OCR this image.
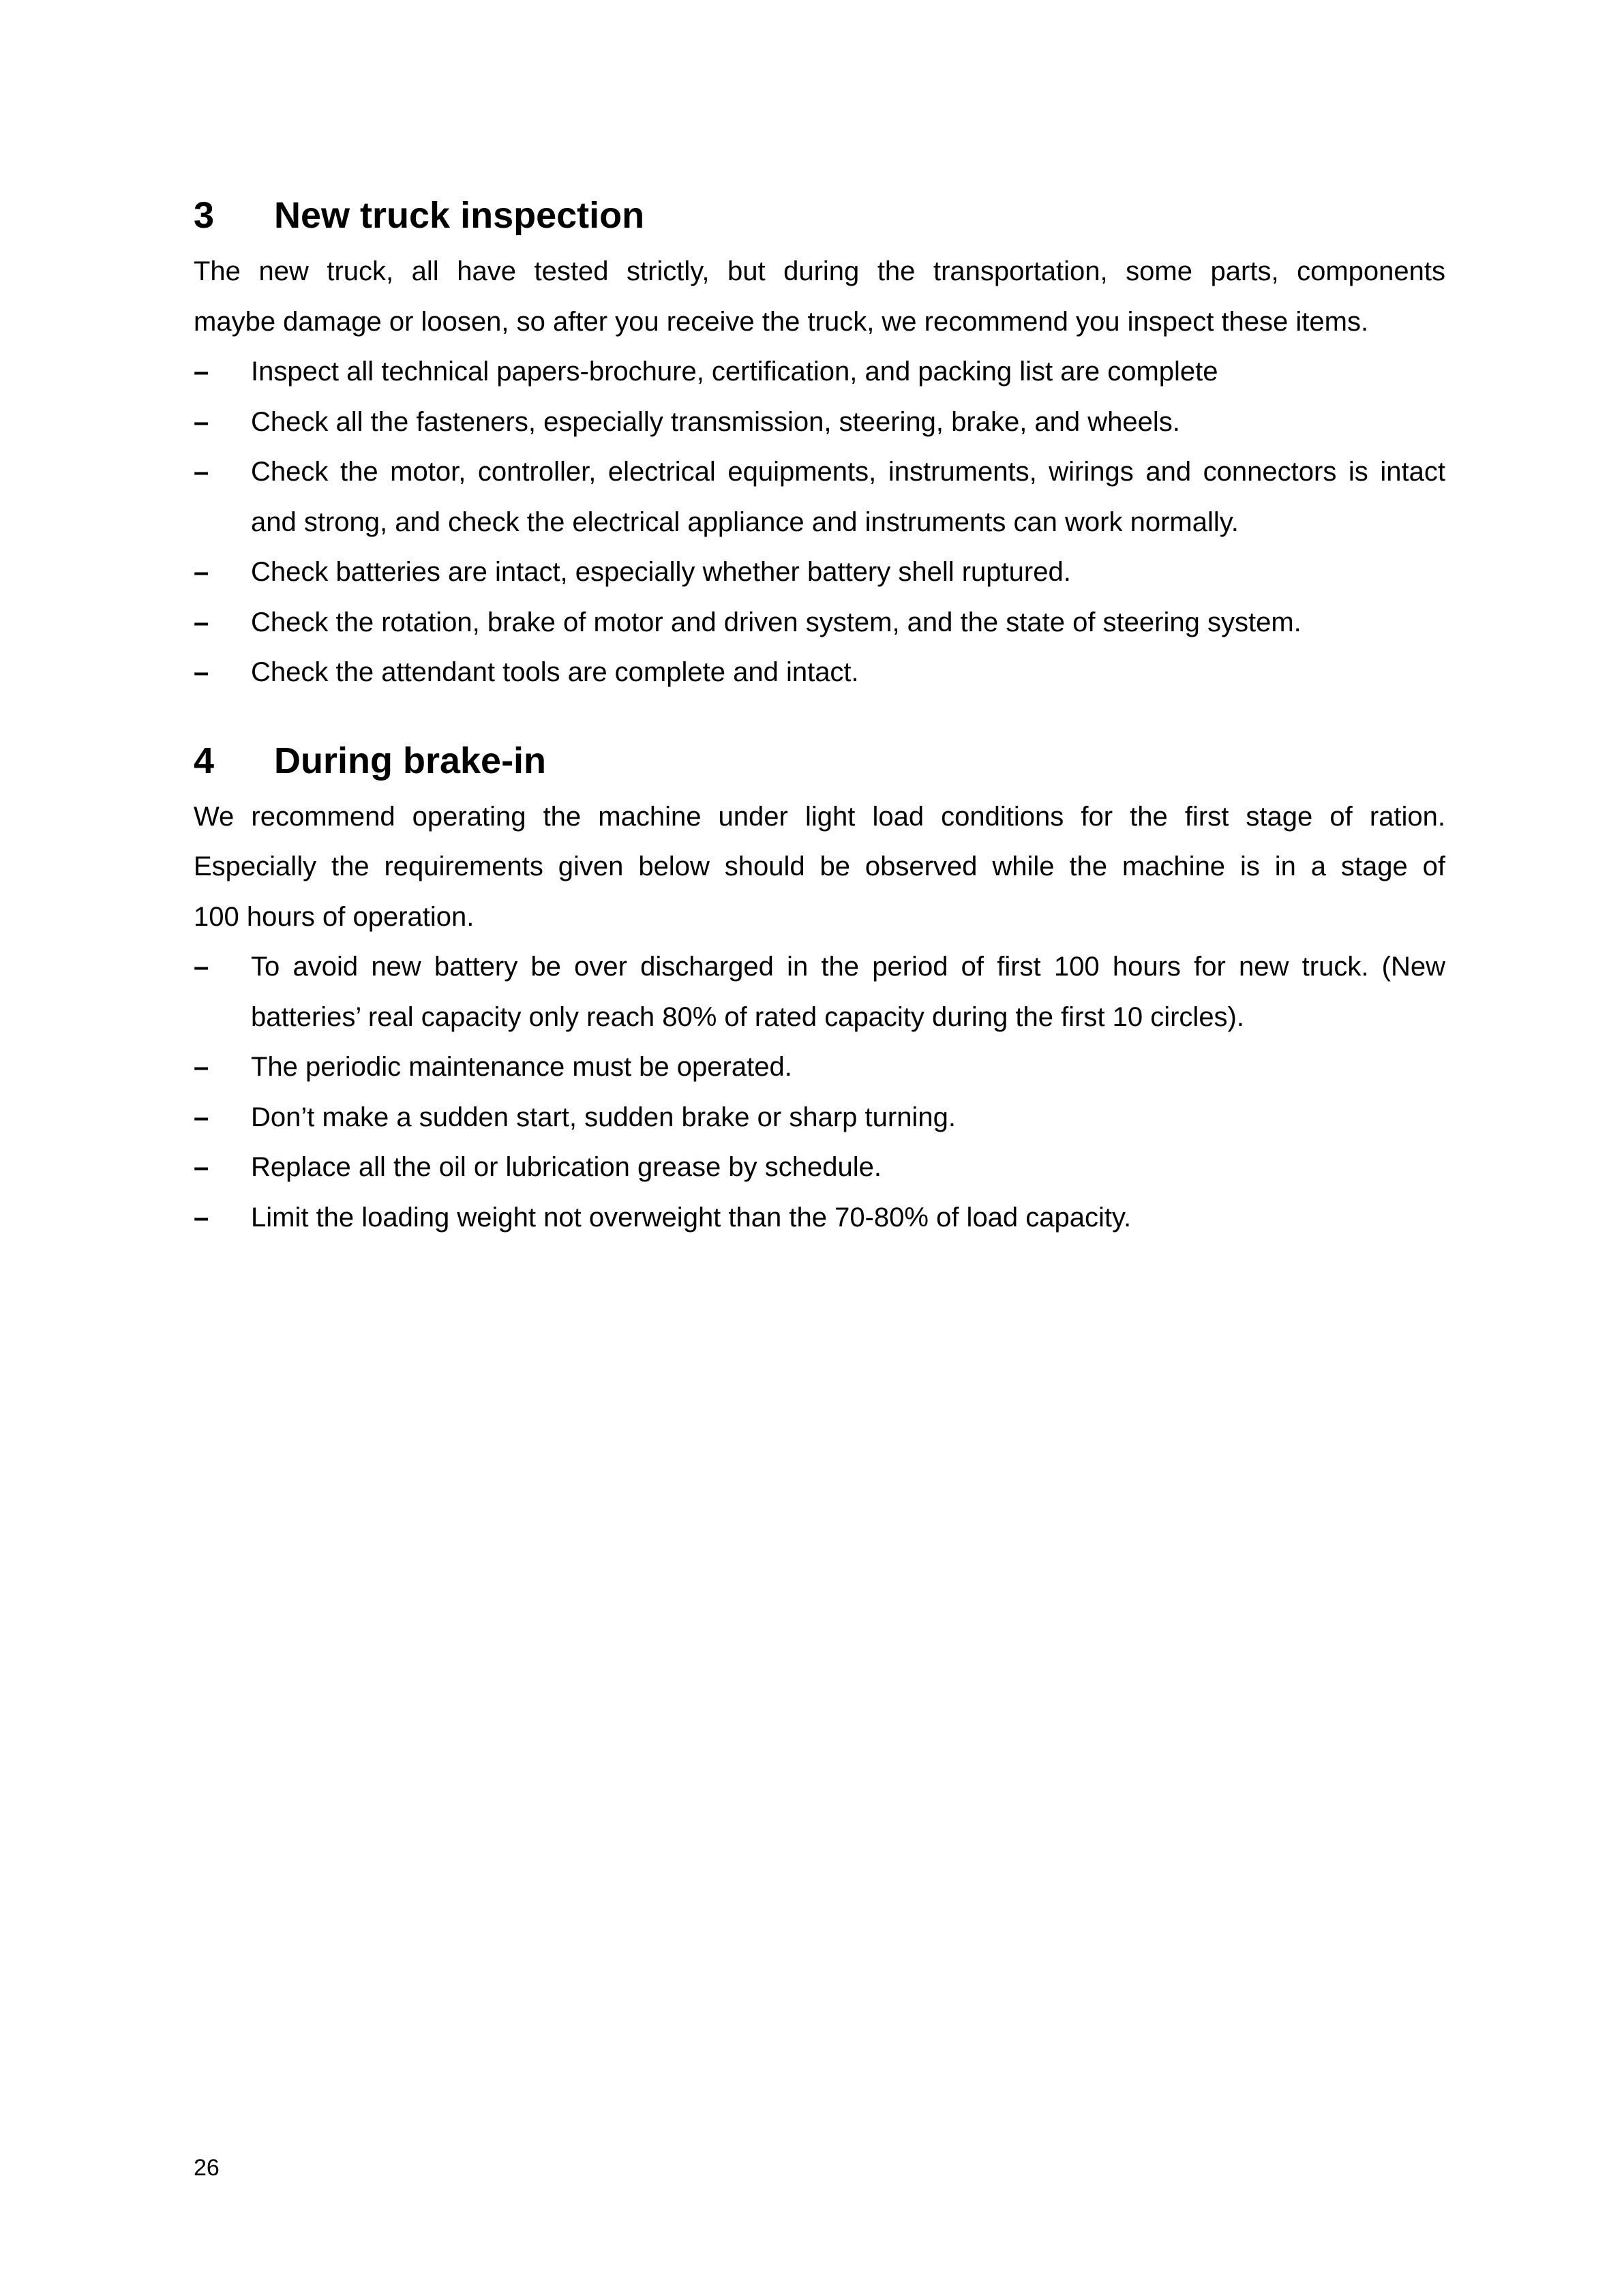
3	New truck inspection

The new truck, all have tested strictly, but during the transportation, some parts, components

maybe damage or loosen, so after you receive the truck, we recommend you inspect these items.

–	Inspect all technical papers-brochure, certification, and packing list are complete
–	Check all the fasteners, especially transmission, steering, brake, and wheels.
–	Check the motor, controller, electrical equipments, instruments, wirings and connectors is intact and strong, and check the electrical appliance and instruments can work normally.
–	Check batteries are intact, especially whether battery shell ruptured.
–	Check the rotation, brake of motor and driven system, and the state of steering system.
–	Check the attendant tools are complete and intact.
4	During brake-in

We recommend operating the machine under light load conditions for the first stage of ration.

Especially the requirements given below should be observed while the machine is in a stage of

100 hours of operation.

–	To avoid new battery be over discharged in the period of first 100 hours for new truck. (New batteries’ real capacity only reach 80% of rated capacity during the first 10 circles).
–	The periodic maintenance must be operated.
–	Don’t make a sudden start, sudden brake or sharp turning.
–	Replace all the oil or lubrication grease by schedule.
–	Limit the loading weight not overweight than the 70-80% of load capacity.
26
